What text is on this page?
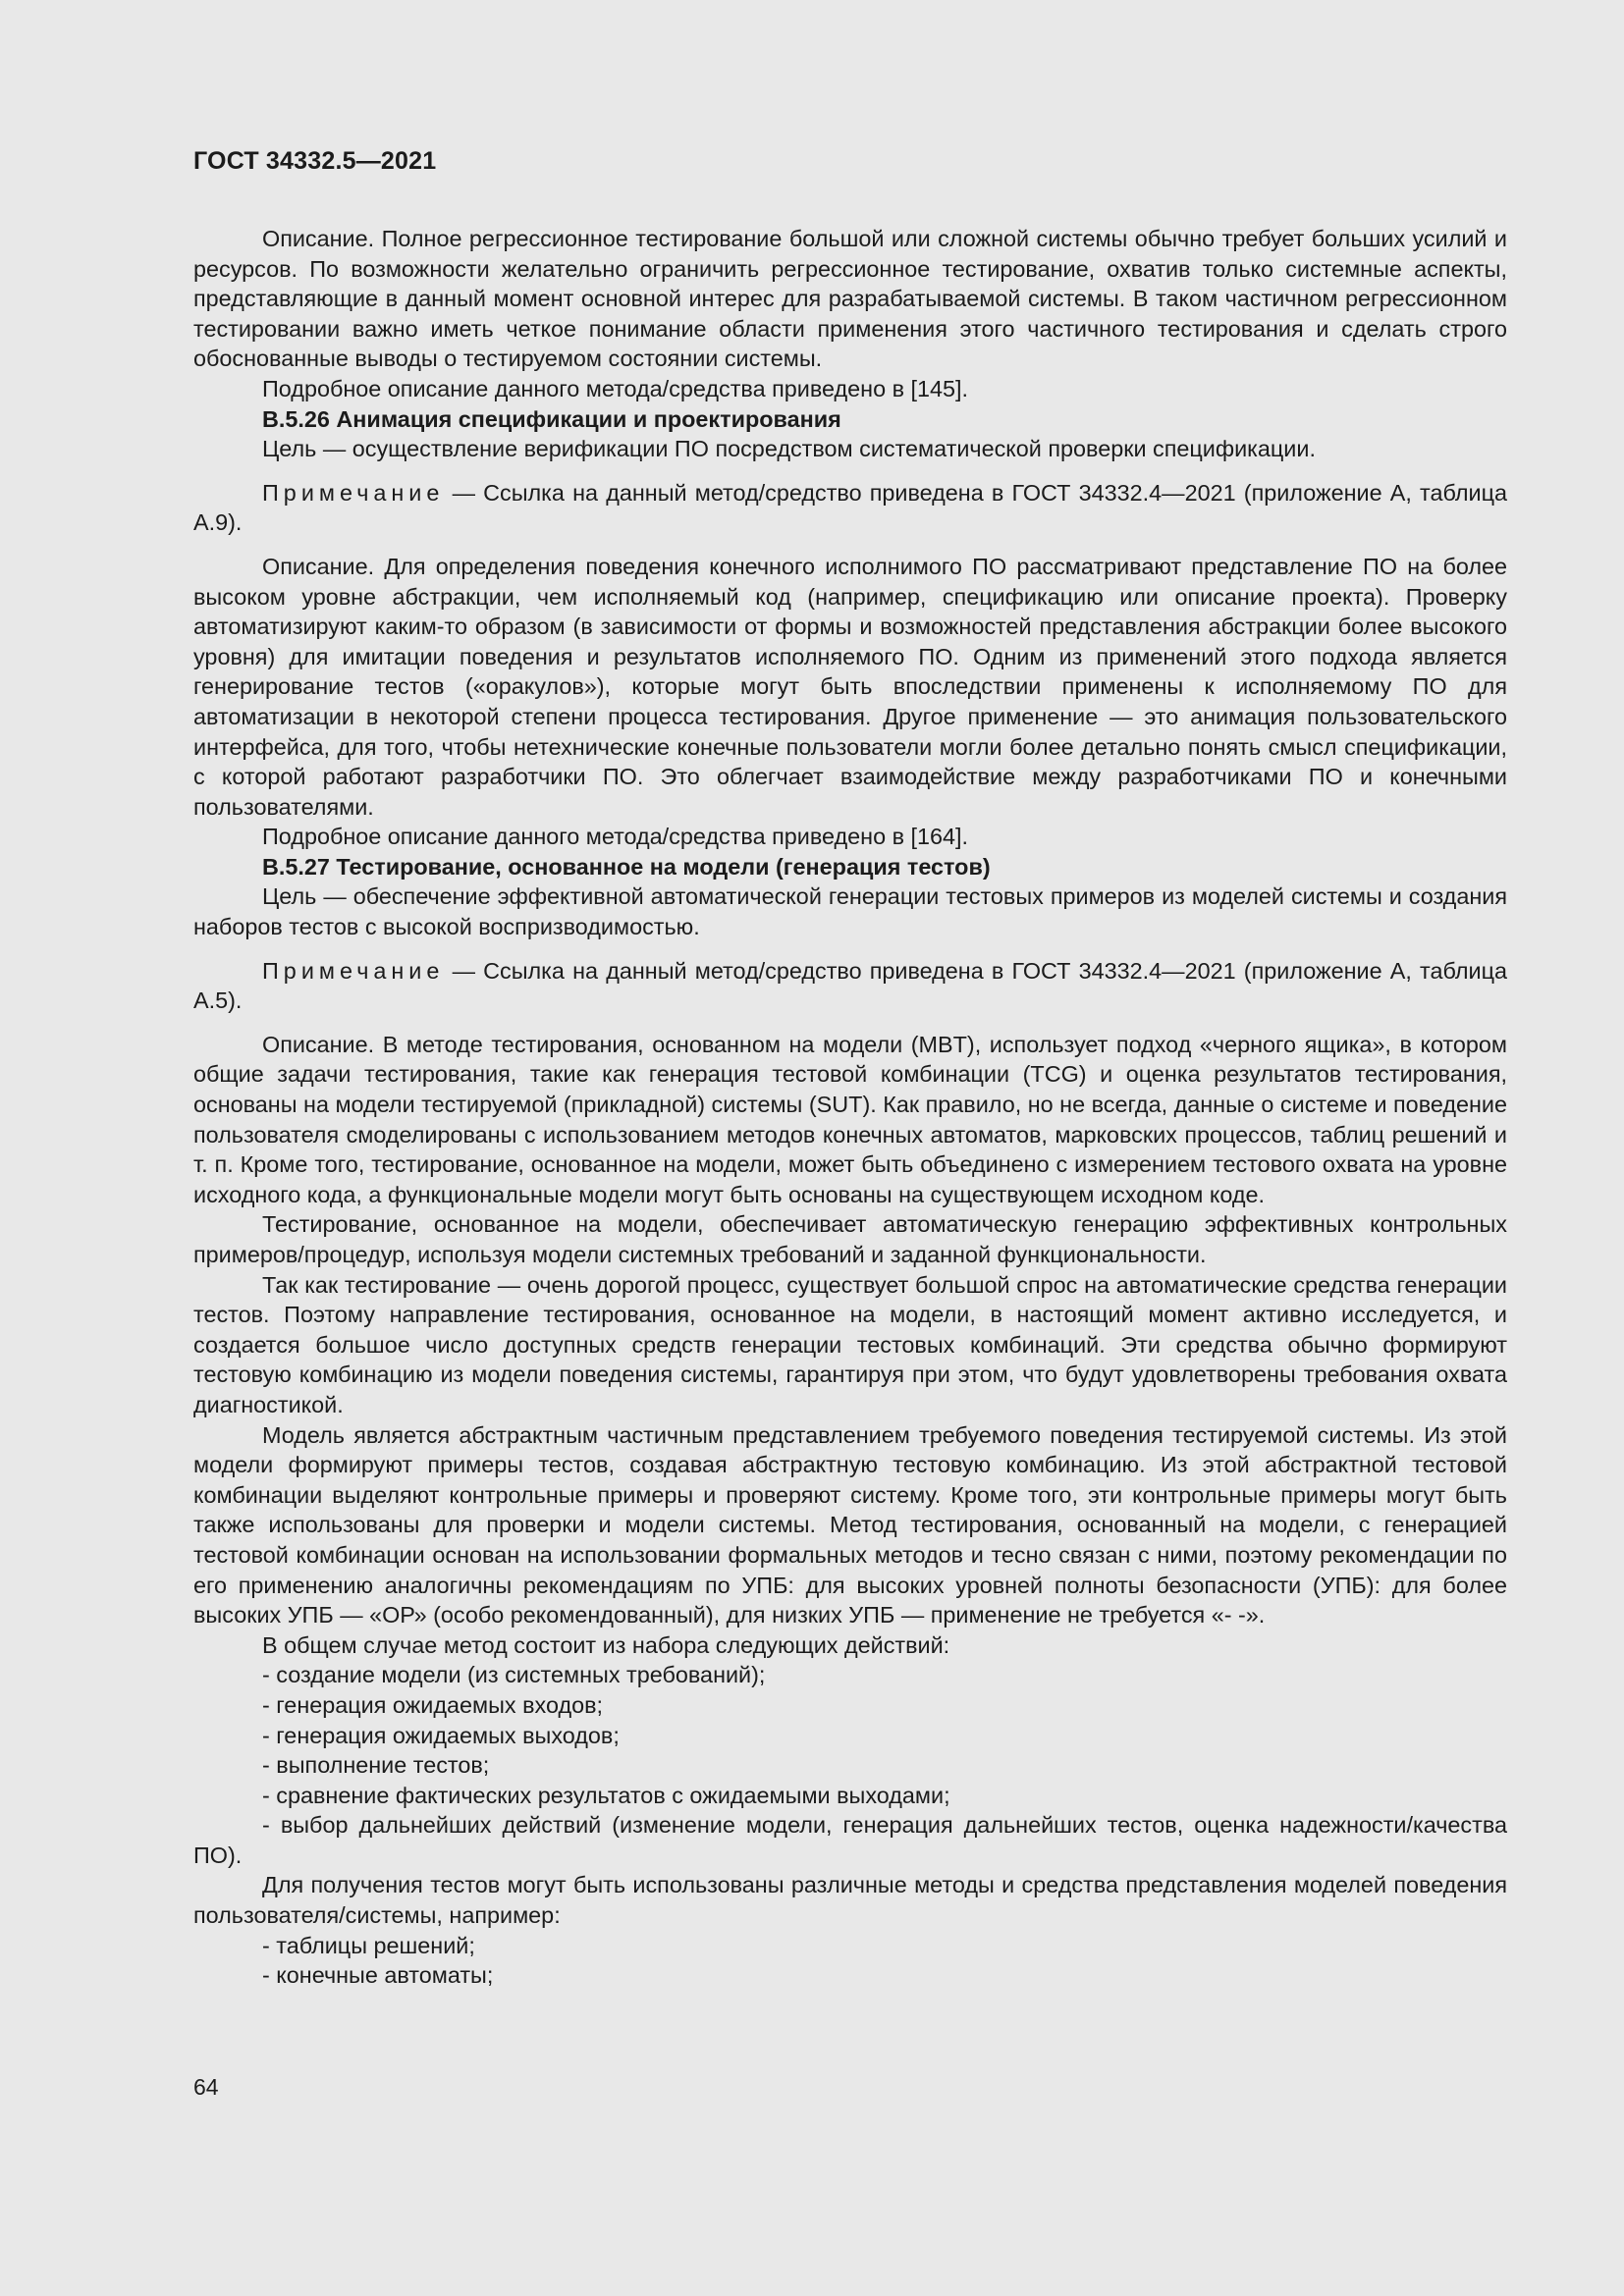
ГОСТ 34332.5—2021

Описание. Полное регрессионное тестирование большой или сложной системы обычно требует больших усилий и ресурсов. По возможности желательно ограничить регрессионное тестирование, охватив только системные аспекты, представляющие в данный момент основной интерес для разрабатываемой системы. В таком частичном регрессионном тестировании важно иметь четкое понимание области применения этого частичного тестирования и сделать строго обоснованные выводы о тестируемом состоянии системы.

Подробное описание данного метода/средства приведено в [145].

B.5.26 Анимация спецификации и проектирования

Цель — осуществление верификации ПО посредством систематической проверки спецификации.

Примечание — Ссылка на данный метод/средство приведена в ГОСТ 34332.4—2021 (приложение А, таблица А.9).

Описание. Для определения поведения конечного исполнимого ПО рассматривают представление ПО на более высоком уровне абстракции, чем исполняемый код (например, спецификацию или описание проекта). Проверку автоматизируют каким-то образом (в зависимости от формы и возможностей представления абстракции более высокого уровня) для имитации поведения и результатов исполняемого ПО. Одним из применений этого подхода является генерирование тестов («оракулов»), которые могут быть впоследствии применены к исполняемому ПО для автоматизации в некоторой степени процесса тестирования. Другое применение — это анимация пользовательского интерфейса, для того, чтобы нетехнические конечные пользователи могли более детально понять смысл спецификации, с которой работают разработчики ПО. Это облегчает взаимодействие между разработчиками ПО и конечными пользователями.

Подробное описание данного метода/средства приведено в [164].

B.5.27 Тестирование, основанное на модели (генерация тестов)

Цель — обеспечение эффективной автоматической генерации тестовых примеров из моделей системы и создания наборов тестов с высокой воспризводимостью.

Примечание — Ссылка на данный метод/средство приведена в ГОСТ 34332.4—2021 (приложение А, таблица А.5).

Описание. В методе тестирования, основанном на модели (MBT), использует подход «черного ящика», в котором общие задачи тестирования, такие как генерация тестовой комбинации (TCG) и оценка результатов тестирования, основаны на модели тестируемой (прикладной) системы (SUT). Как правило, но не всегда, данные о системе и поведение пользователя смоделированы с использованием методов конечных автоматов, марковских процессов, таблиц решений и т. п. Кроме того, тестирование, основанное на модели, может быть объединено с измерением тестового охвата на уровне исходного кода, а функциональные модели могут быть основаны на существующем исходном коде.

Тестирование, основанное на модели, обеспечивает автоматическую генерацию эффективных контрольных примеров/процедур, используя модели системных требований и заданной функциональности.

Так как тестирование — очень дорогой процесс, существует большой спрос на автоматические средства генерации тестов. Поэтому направление тестирования, основанное на модели, в настоящий момент активно исследуется, и создается большое число доступных средств генерации тестовых комбинаций. Эти средства обычно формируют тестовую комбинацию из модели поведения системы, гарантируя при этом, что будут удовлетворены требования охвата диагностикой.

Модель является абстрактным частичным представлением требуемого поведения тестируемой системы. Из этой модели формируют примеры тестов, создавая абстрактную тестовую комбинацию. Из этой абстрактной тестовой комбинации выделяют контрольные примеры и проверяют систему. Кроме того, эти контрольные примеры могут быть также использованы для проверки и модели системы. Метод тестирования, основанный на модели, с генерацией тестовой комбинации основан на использовании формальных методов и тесно связан с ними, поэтому рекомендации по его применению аналогичны рекомендациям по УПБ: для высоких уровней полноты безопасности (УПБ): для более высоких УПБ — «ОР» (особо рекомендованный), для низких УПБ — применение не требуется «- -».

В общем случае метод состоит из набора следующих действий:

- создание модели (из системных требований);

- генерация ожидаемых входов;

- генерация ожидаемых выходов;

- выполнение тестов;

- сравнение фактических результатов с ожидаемыми выходами;

- выбор дальнейших действий (изменение модели, генерация дальнейших тестов, оценка надежности/качества ПО).

Для получения тестов могут быть использованы различные методы и средства представления моделей поведения пользователя/системы, например:

- таблицы решений;

- конечные автоматы;

64
